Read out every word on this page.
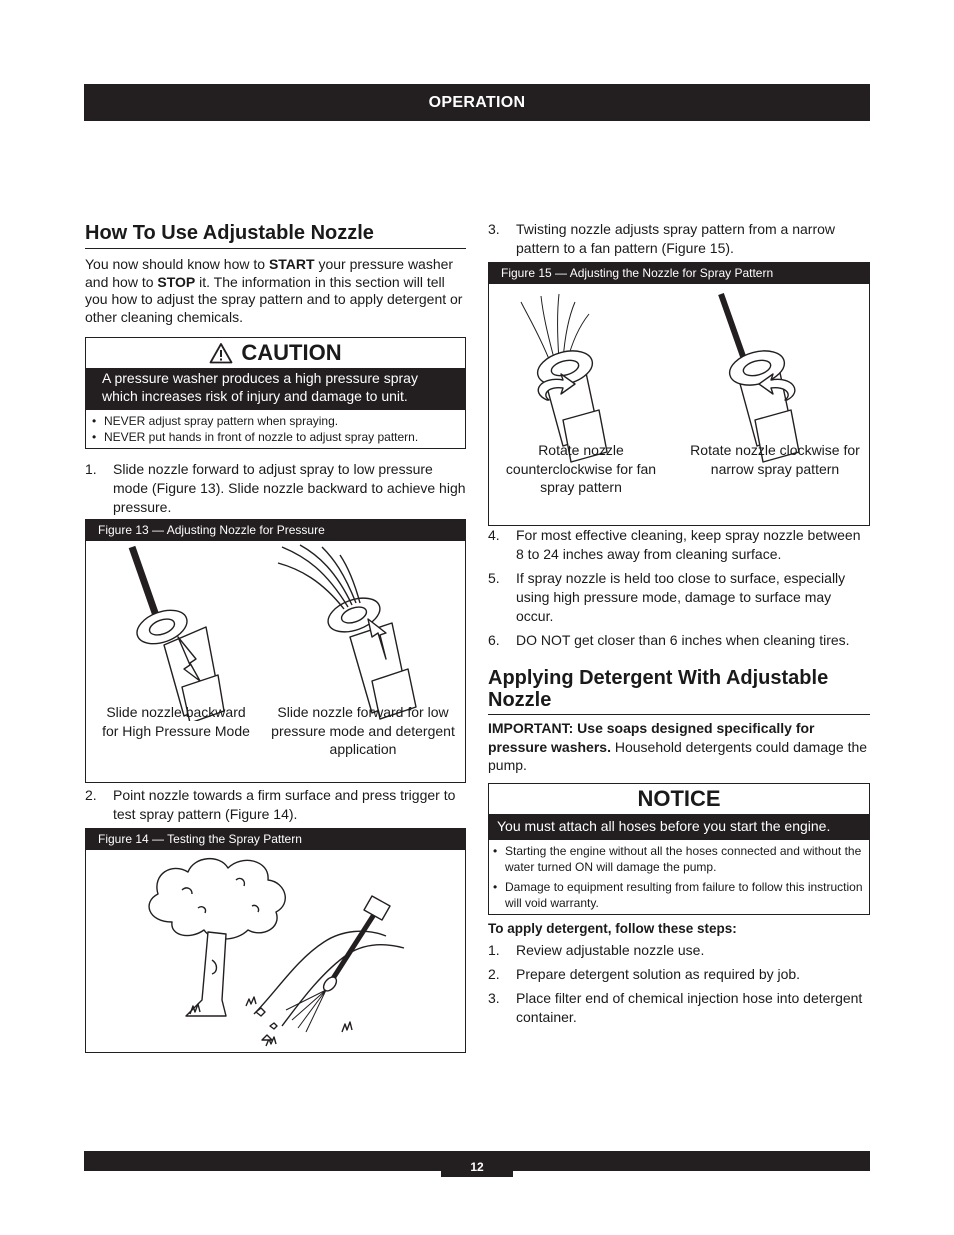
OPERATION
How To Use Adjustable Nozzle

You now should know how to START your pressure washer and how to STOP it. The information in this section will tell you how to adjust the spray pattern and to apply detergent or other cleaning chemicals.

CAUTION
A pressure washer produces a high pressure spray which increases risk of injury and damage to unit.
• NEVER adjust spray pattern when spraying.
• NEVER put hands in front of nozzle to adjust spray pattern.
1.	Slide nozzle forward to adjust spray to low pressure mode (Figure 13). Slide nozzle backward to achieve high pressure.
Figure 13 — Adjusting Nozzle for Pressure
Slide nozzle backward for High Pressure Mode
Slide nozzle forward for low pressure mode and detergent application
2.	Point nozzle towards a firm surface and press trigger to test spray pattern (Figure 14).
Figure 14 — Testing the Spray Pattern
3.	Twisting nozzle adjusts spray pattern from a narrow pattern to a fan pattern (Figure 15).
Figure 15 — Adjusting the Nozzle for Spray Pattern
Rotate nozzle counterclockwise for fan spray pattern
Rotate nozzle clockwise for narrow spray pattern
4.	For most effective cleaning, keep spray nozzle between 8 to 24 inches away from cleaning surface.
5.	If spray nozzle is held too close to surface, especially using high pressure mode, damage to surface may occur.
6.	DO NOT get closer than 6 inches when cleaning tires.
Applying Detergent With Adjustable Nozzle

IMPORTANT: Use soaps designed specifically for pressure washers. Household detergents could damage the pump.

NOTICE
You must attach all hoses before you start the engine.
• Starting the engine without all the hoses connected and without the water turned ON will damage the pump.
• Damage to equipment resulting from failure to follow this instruction will void warranty.
To apply detergent, follow these steps:
1.	Review adjustable nozzle use.
2.	Prepare detergent solution as required by job.
3.	Place filter end of chemical injection hose into detergent container.
12
